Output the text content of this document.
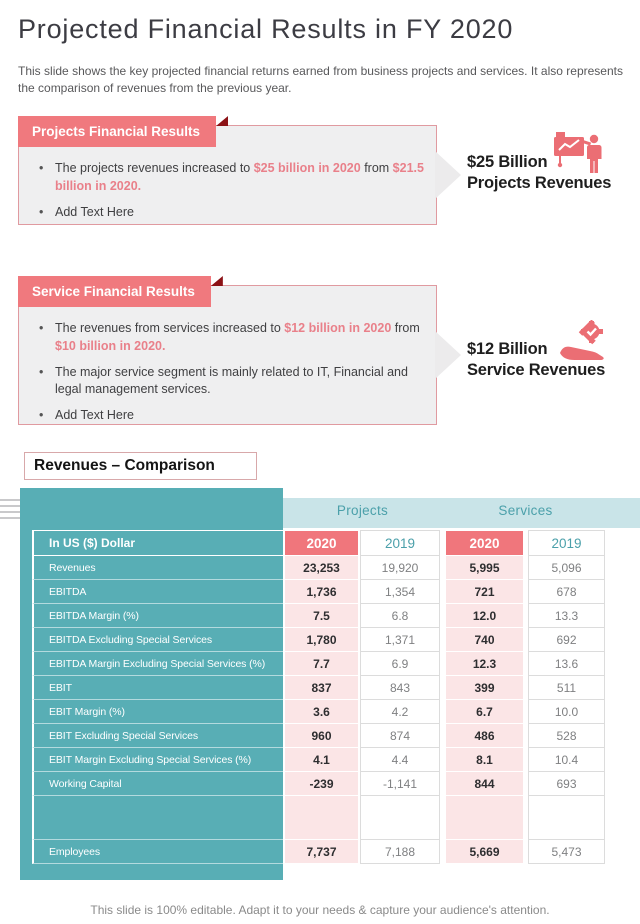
Projected Financial Results in FY 2020
This slide shows the key projected financial returns earned from business projects and services. It also represents the comparison of revenues from the previous year.
Projects Financial Results
• The projects revenues increased to $25 billion in 2020 from $21.5 billion in 2020.
• Add Text Here
$25 Billion
Projects Revenues
Service Financial Results
• The revenues from services increased to $12 billion in 2020 from $10 billion in 2020.
• The major service segment is mainly related to IT, Financial and legal management services.
• Add Text Here
$12 Billion
Service Revenues
Revenues – Comparison
Projects	Services
In US ($) Dollar	2020	2019	2020	2019
Revenues	23,253	19,920	5,995	5,096
EBITDA	1,736	1,354	721	678
EBITDA Margin (%)	7.5	6.8	12.0	13.3
EBITDA Excluding Special Services	1,780	1,371	740	692
EBITDA Margin Excluding Special Services (%)	7.7	6.9	12.3	13.6
EBIT	837	843	399	511
EBIT Margin (%)	3.6	4.2	6.7	10.0
EBIT Excluding Special Services	960	874	486	528
EBIT Margin Excluding Special Services (%)	4.1	4.4	8.1	10.4
Working Capital	-239	-1,141	844	693
Employees	7,737	7,188	5,669	5,473
This slide is 100% editable. Adapt it to your needs & capture your audience's attention.
